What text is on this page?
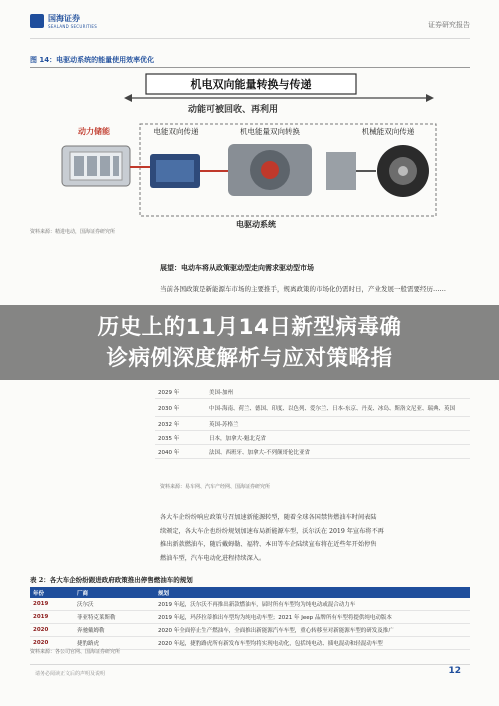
国海证券
SEALAND SECURITIES	证券研究报告
图 14：电驱动系统的能量使用效率优化
机电双向能量转换与传递
动能可被回收、再利用
动力储能	电能双向传递	机电能量双向转换	机械能双向传递
电驱动系统
资料来源：精进电动，国海证券研究所
展望：电动车将从政策驱动型走向需求驱动型市场
当前各国政策是新能源车市场的主要推手，规离政策的市场化仍需时日，产业发展一般需要经历……
历史上的11月14日新型病毒确
诊病例深度解析与应对策略指
2029 年	美国-加州
2030 年	中国-海南、荷兰、德国、印度、以色列、爱尔兰、日本-东京、丹麦、冰岛、斯洛文尼亚、瑞典、英国
2032 年	英国-苏格兰
2035 年	日本，加拿大-魁北克省
2040 年	法国、西班牙、加拿大-不列颠哥伦比亚省
资料来源：易车网、汽车产经网、国海证券研究所
各大车企纷纷响应政策号召加速新能源转型，随着全球各国禁售燃油车时间表陆
续颁定，各大车企也纷纷规划加速布局新能源车型，沃尔沃在 2019 年宣布将不再
推出新款燃油车，随后戴姆勒、福特、本田等车企陆续宣布将在近些年开始停售
燃油车型，汽车电动化进程持续深入。
表 2：各大车企纷纷跟进政府政策推出停售燃油车的规划
年份	厂商	规划
2019	沃尔沃	2019 年起，沃尔沃不再推出新款燃油车，届时所有车型均为纯电动或混合动力车
2019	菲亚特克莱斯勒	2019 年起，玛莎拉蒂推出车型均为纯电动车型；2021 年 Jeep 品牌所有车型将提供纯电动版本
2020	奔驰戴姆勒	2020 年全面停止生产燃油车，全面推出新能源汽车车型，重心转移至对新能源车型的研发及推广
2020	捷豹路虎	2020 年起，捷豹路虎所有新发布车型均将实现电动化，包括纯电动、插电混动和轻混动车型
资料来源：各公司官网、国海证券研究所
请务必阅读正文后的声明及说明	12
